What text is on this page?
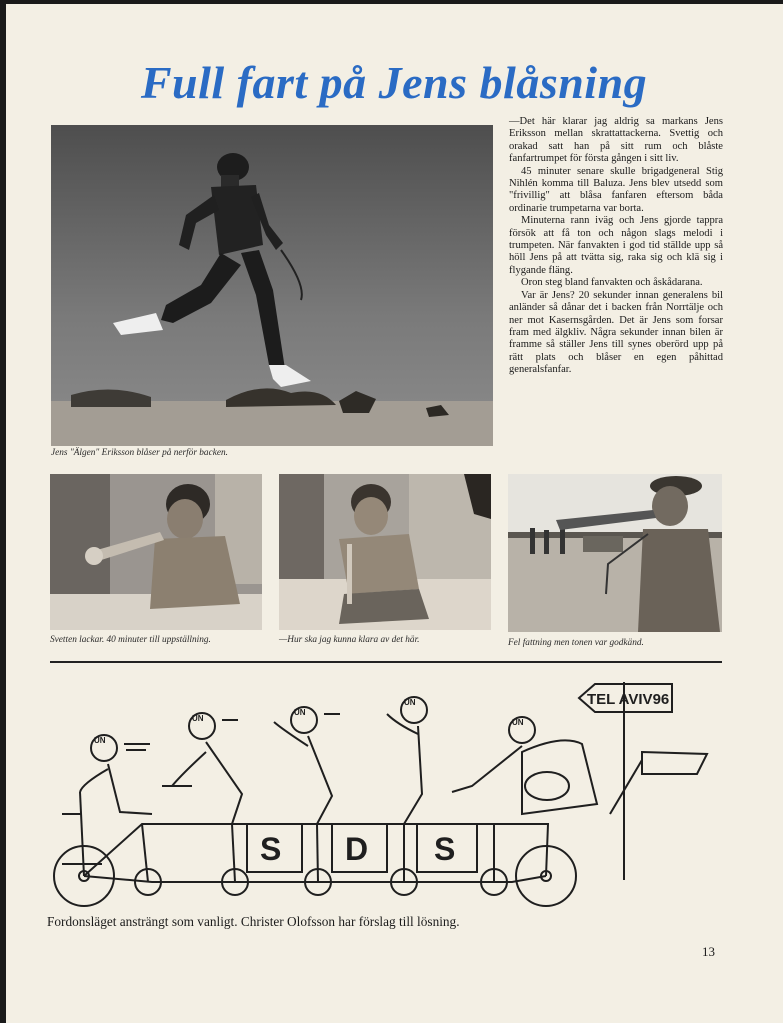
Full fart på Jens blåsning
Jens "Älgen" Eriksson blåser på nerför backen.

—Det här klarar jag aldrig sa markans Jens Eriksson mellan skrattattackerna. Svettig och orakad satt han på sitt rum och blåste fanfartrumpet för första gången i sitt liv.

45 minuter senare skulle brigadgeneral Stig Nihlén komma till Baluza. Jens blev utsedd som "frivillig" att blåsa fanfaren eftersom båda ordinarie trumpetarna var borta.

Minuterna rann iväg och Jens gjorde tappra försök att få ton och någon slags melodi i trumpeten. När fanvakten i god tid ställde upp så höll Jens på att tvätta sig, raka sig och klä sig i flygande fläng.

Oron steg bland fanvakten och åskådarana.

Var är Jens? 20 sekunder innan generalens bil anländer så dånar det i backen från Norrtälje och ner mot Kasernsgården. Det är Jens som forsar fram med älgkliv. Några sekunder innan bilen är framme så ställer Jens till synes oberörd upp på rätt plats och blåser en egen påhittad generalsfanfar.

Svetten lackar. 40 minuter till uppställning.	—Hur ska jag kunna klara av det här.	Fel fattning men tonen var godkänd.
TEL AVIV96
UN
UN
UN
UN
UN
S D S
Fordonsläget ansträngt som vanligt. Christer Olofsson har förslag till lösning.
13
